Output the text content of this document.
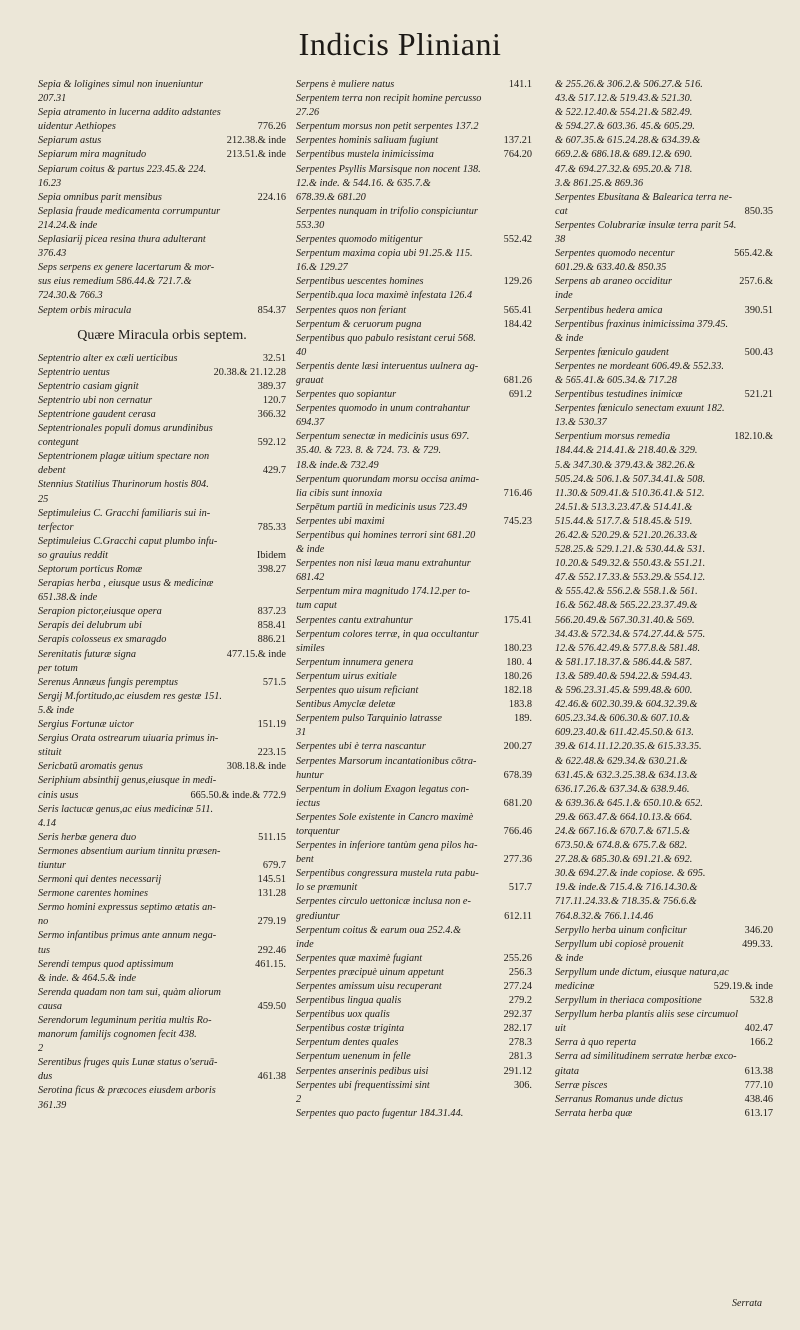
Indicis Pliniani
Sepia & loligines simul non inueniuntur
207.31
Sepia atramento in lucerna addito adstantes
776.26
uidentur Aethiopes
212.38.& inde
Sepiarum astus
213.51.& inde
Sepiarum mira magnitudo
Sepiarum coitus & partus 223.45.& 224.
16.23
224.16
Sepia omnibus parit mensibus
Seplasia fraude medicamenta corrumpuntur
214.24.& inde
Seplasiarij picea resina thura adulterant
376.43
Seps serpens ex genere lacertarum & mor-
sus eius remedium 586.44.& 721.7.&
724.30.& 766.3
854.37
Septem orbis miracula
Quære Miracula orbis septem.
32.51
Septentrio alter ex cæli uerticibus
20.38.& 21.12.28
Septentrio uentus
389.37
Septentrio casiam gignit
120.7
Septentrio ubi non cernatur
366.32
Septentrione gaudent cerasa
Septentrionales populi domus arundinibus
592.12
contegunt
Septentrionem plagæ uitium spectare non
429.7
debent
Stennius Statilius Thurinorum hostis 804.
25
Septimuleius C. Gracchi familiaris sui in-
785.33
terfector
Septimuleius C.Gracchi caput plumbo infu-
Ibidem
so grauius reddit
398.27
Septorum porticus Romæ
Serapias herba , eiusque usus & medicinæ
651.38.& inde
837.23
Serapion pictor,eiusque opera
858.41
Serapis dei delubrum ubi
886.21
Serapis colosseus ex smaragdo
477.15.& inde
Serenitatis futuræ signa
per totum
571.5
Serenus Annæus fungis peremptus
Sergij M.fortitudo,ac eiusdem res gestæ 151.
5.& inde
151.19
Sergius Fortunæ uictor
Sergius Orata ostrearum uiuaria primus in-
223.15
stituit
308.18.& inde
Sericbatū aromatis genus
Seriphium absinthij genus,eiusque in medi-
665.50.& inde.& 772.9
cinis usus
Seris lactucæ genus,ac eius medicinæ 511.
4.14
511.15
Seris herbæ genera duo
Sermones absentium aurium tinnitu præsen-
679.7
tiuntur
145.51
Sermoni qui dentes necessarij
131.28
Sermone carentes homines
Sermo homini expressus septimo ætatis an-
279.19
no
Sermo infantibus primus ante annum nega-
292.46
tus
461.15.
Serendi tempus quod aptissimum
& inde. & 464.5.& inde
Serenda quadam non tam sui, quàm aliorum
459.50
causa
Serendorum leguminum peritia multis Ro-
manorum familijs cognomen fecit 438.
2
Serentibus fruges quis Lunæ status o'seruā-
461.38
dus
Serotina ficus & præcoces eiusdem arboris
361.39
141.1
Serpens è muliere natus
Serpentem terra non recipit homine percusso
27.26
Serpentum morsus non petit serpentes 137.2
137.21
Serpentes hominis saliuam fugiunt
764.20
Serpentibus mustela inimicissima
Serpentes Psyllis Marsisque non nocent 138.
12.& inde. & 544.16. & 635.7.&
678.39.& 681.20
Serpentes nunquam in trifolio conspiciuntur
553.30
552.42
Serpentes quomodo mitigentur
Serpentum maxima copia ubi 91.25.& 115.
16.& 129.27
129.26
Serpentibus uescentes homines
Serpentib.qua loca maximè infestata 126.4
565.41
Serpentes quos non feriant
184.42
Serpentum & ceruorum pugna
Serpentibus quo pabulo resistant cerui 568.
40
Serpentis dente læsi interuentus uulnera ag-
681.26
grauat
691.2
Serpentes quo sopiantur
Serpentes quomodo in unum contrahantur
694.37
Serpentum senectæ in medicinis usus 697.
35.40. & 723. 8. & 724. 73. & 729.
18.& inde.& 732.49
Serpentum quorundam morsu occisa anima-
716.46
lia cibis sunt innoxia
Serpētum partiū in medicinis usus 723.49
745.23
Serpentes ubi maximi
Serpentibus qui homines terrori sint 681.20
& inde
Serpentes non nisi læua manu extrahuntur
681.42
Serpentum mira magnitudo 174.12.per to-
tum caput
175.41
Serpentes cantu extrahuntur
Serpentum colores terræ, in qua occultantur
180.23
similes
180. 4
Serpentum innumera genera
180.26
Serpentum uirus exitiale
182.18
Serpentes quo uisum reficiant
183.8
Sentibus Amyclæ deletæ
189.
Serpentem pulso Tarquinio latrasse
31
200.27
Serpentes ubi è terra nascantur
Serpentes Marsorum incantationibus cōtra-
678.39
huntur
Serpentum in dolium Exagon legatus con-
681.20
iectus
Serpentes Sole existente in Cancro maximè
766.46
torquentur
Serpentes in inferiore tantùm gena pilos ha-
277.36
bent
Serpentibus congressura mustela ruta pabu-
517.7
lo se præmunit
Serpentes circulo uettonicæ inclusa non e-
612.11
grediuntur
Serpentum coitus & earum oua 252.4.&
inde
255.26
Serpentes quæ maximè fugiant
256.3
Serpentes præcipuè uinum appetunt
277.24
Serpentes amissum uisu recuperant
279.2
Serpentibus lingua qualis
292.37
Serpentibus uox qualis
282.17
Serpentibus costæ triginta
278.3
Serpentum dentes quales
281.3
Serpentum uenenum in felle
291.12
Serpentes anserinis pedibus uisi
306.
Serpentes ubi frequentissimi sint
2
Serpentes quo pacto fugentur 184.31.44.
& 255.26.& 306.2.& 506.27.& 516.
43.& 517.12.& 519.43.& 521.30.
& 522.12.40.& 554.21.& 582.49.
& 594.27.& 603.36. 45.& 605.29.
& 607.35.& 615.24.28.& 634.39.&
669.2.& 686.18.& 689.12.& 690.
47.& 694.27.32.& 695.20.& 718.
3.& 861.25.& 869.36
Serpentes Ebusitana & Balearica terra ne-
850.35
cat
Serpentes Colubrariæ insulæ terra parit 54.
38
565.42.&
Serpentes quomodo necentur
601.29.& 633.40.& 850.35
257.6.&
Serpens ab araneo occiditur
inde
390.51
Serpentibus hedera amica
Serpentibus fraxinus inimicissima 379.45.
& inde
500.43
Serpentes fœniculo gaudent
Serpentes ne mordeant 606.49.& 552.33.
& 565.41.& 605.34.& 717.28
521.21
Serpentibus testudines inimicæ
Serpentes fœniculo senectam exuunt 182.
13.& 530.37
182.10.&
Serpentium morsus remedia
184.44.& 214.41.& 218.40.& 329.
5.& 347.30.& 379.43.& 382.26.&
505.24.& 506.1.& 507.34.41.& 508.
11.30.& 509.41.& 510.36.41.& 512.
24.51.& 513.3.23.47.& 514.41.&
515.44.& 517.7.& 518.45.& 519.
26.42.& 520.29.& 521.20.26.33.&
528.25.& 529.1.21.& 530.44.& 531.
10.20.& 549.32.& 550.43.& 551.21.
47.& 552.17.33.& 553.29.& 554.12.
& 555.42.& 556.2.& 558.1.& 561.
16.& 562.48.& 565.22.23.37.49.&
566.20.49.& 567.30.31.40.& 569.
34.43.& 572.34.& 574.27.44.& 575.
12.& 576.42.49.& 577.8.& 581.48.
& 581.17.18.37.& 586.44.& 587.
13.& 589.40.& 594.22.& 594.43.
& 596.23.31.45.& 599.48.& 600.
42.46.& 602.30.39.& 604.32.39.&
605.23.34.& 606.30.& 607.10.&
609.23.40.& 611.42.45.50.& 613.
39.& 614.11.12.20.35.& 615.33.35.
& 622.48.& 629.34.& 630.21.&
631.45.& 632.3.25.38.& 634.13.&
636.17.26.& 637.34.& 638.9.46.
& 639.36.& 645.1.& 650.10.& 652.
29.& 663.47.& 664.10.13.& 664.
24.& 667.16.& 670.7.& 671.5.&
673.50.& 674.8.& 675.7.& 682.
27.28.& 685.30.& 691.21.& 692.
30.& 694.27.& inde copiose. & 695.
19.& inde.& 715.4.& 716.14.30.&
717.11.24.33.& 718.35.& 756.6.&
764.8.32.& 766.1.14.46
346.20
Serpyllo herba uinum conficitur
499.33.
Serpyllum ubi copiosè prouenit
& inde
Serpyllum unde dictum, eiusque natura,ac
529.19.& inde
medicinæ
532.8
Serpyllum in theriaca compositione
Serpyllum herba plantis aliis sese circumuol
402.47
uit
166.2
Serra à quo reperta
Serra ad similitudinem serratæ herbæ exco-
613.38
gitata
777.10
Serræ pisces
438.46
Serranus Romanus unde dictus
613.17
Serrata herba quæ
Serrata
